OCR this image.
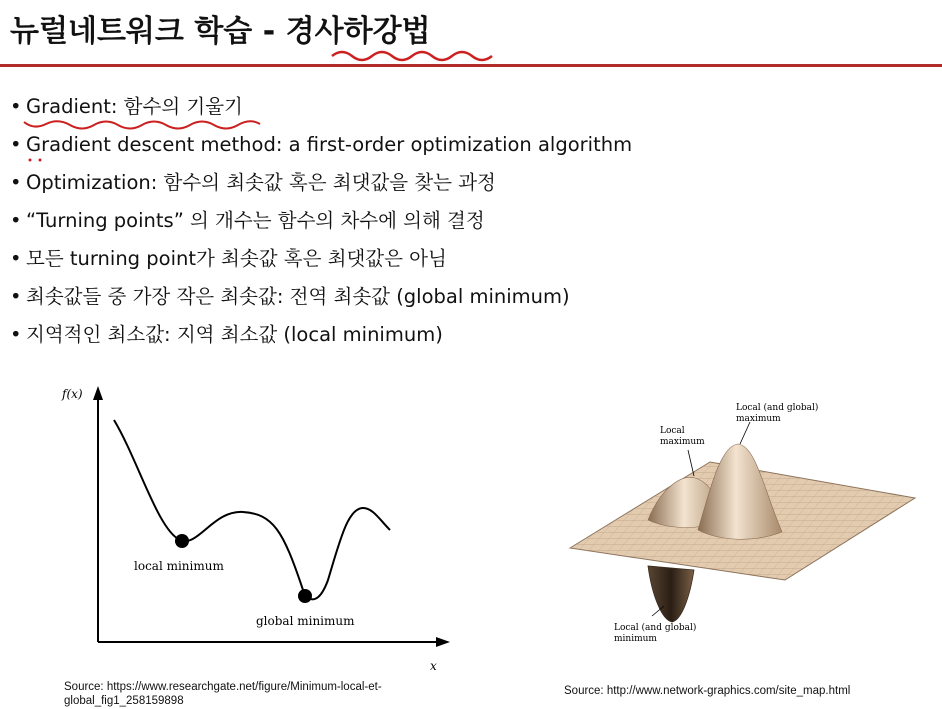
뉴럴네트워크 학습 - 경사하강법
• Gradient: 함수의 기울기
• Gradient descent method: a first-order optimization algorithm
• Optimization: 함수의 최솟값 혹은 최댓값을 찾는 과정
• “Turning points” 의 개수는 함수의 차수에 의해 결정
• 모든 turning point가 최솟값 혹은 최댓값은 아님
• 최솟값들 중 가장 작은 최솟값: 전역 최솟값 (global minimum)
• 지역적인 최소값: 지역 최소값 (local minimum)
f(x)
x
local minimum
global minimum
Local
maximum
Local (and global)
maximum
Local (and global)
minimum
Source: https://www.researchgate.net/figure/Minimum-local-et-global_fig1_258159898
Source: http://www.network-graphics.com/site_map.html
